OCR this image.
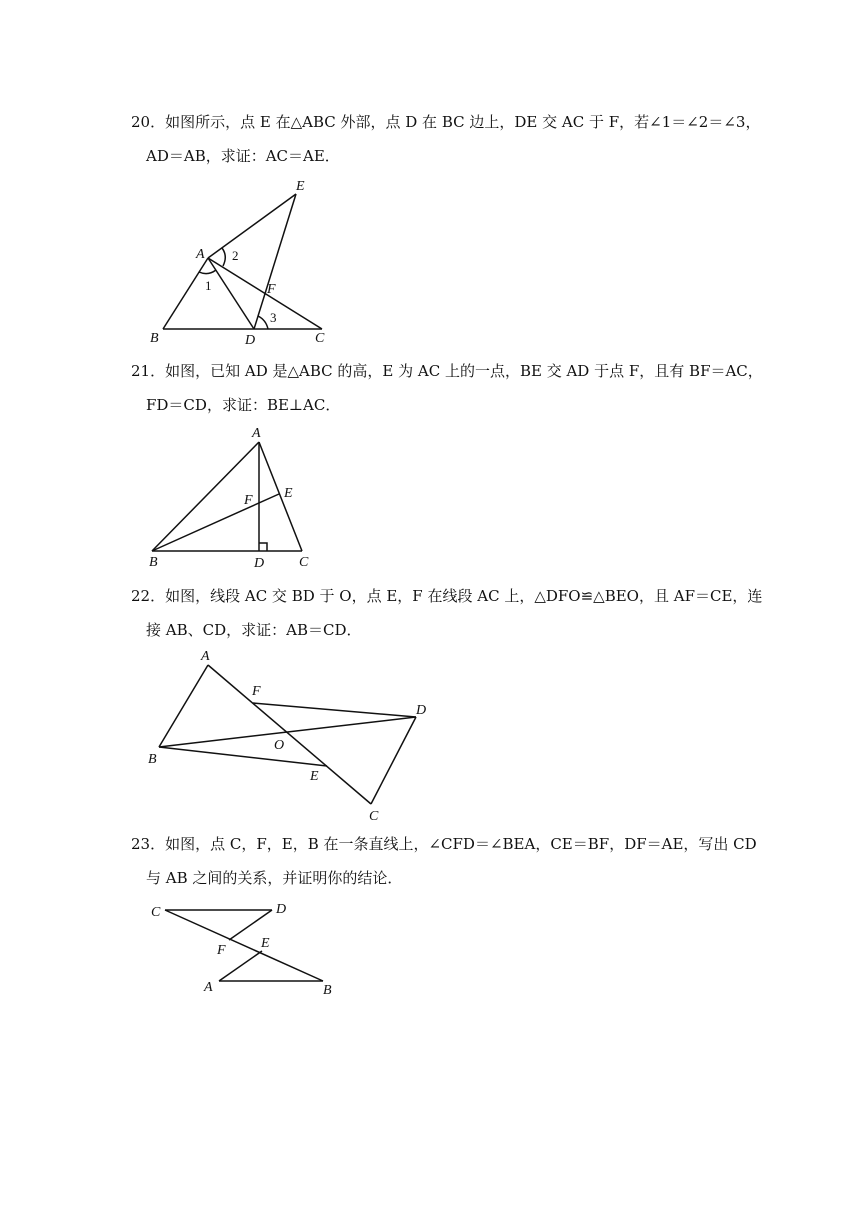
20．如图所示，点 E 在△ABC 外部，点 D 在 BC 边上，DE 交 AC 于 F，若∠1＝∠2＝∠3，
AD＝AB，求证：AC＝AE．
A
B	C
D
E
F
1
2
3
21．如图，已知 AD 是△ABC 的高，E 为 AC 上的一点，BE 交 AD 于点 F，且有 BF＝AC，
FD＝CD，求证：BE⊥AC．
A
B	C
D
E
F
22．如图，线段 AC 交 BD 于 O，点 E，F 在线段 AC 上，△DFO≌△BEO，且 AF＝CE，连
接 AB、CD，求证：AB＝CD．
A
B
C
D
E
F
O
23．如图，点 C，F，E，B 在一条直线上，∠CFD＝∠BEA，CE＝BF，DF＝AE，写出 CD
与 AB 之间的关系，并证明你的结论．
C	D
F	E
A	B
